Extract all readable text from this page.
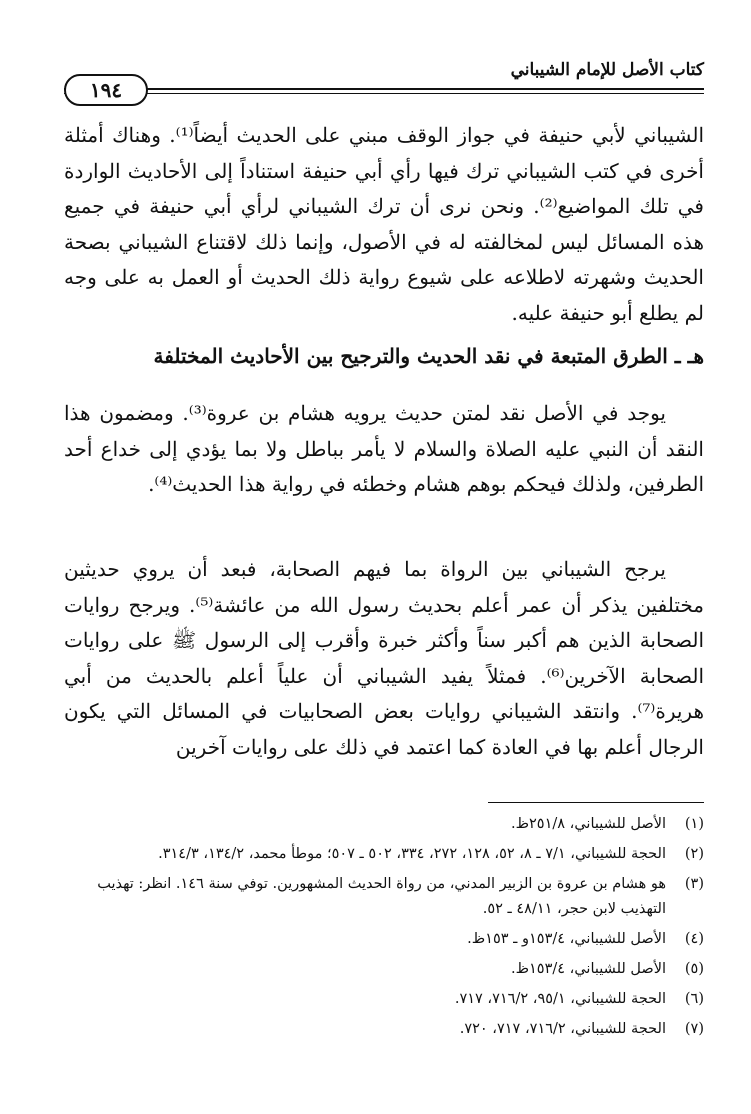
كتاب الأصل للإمام الشيباني
١٩٤

الشيباني لأبي حنيفة في جواز الوقف مبني على الحديث أيضاً⁽¹⁾. وهناك أمثلة أخرى في كتب الشيباني ترك فيها رأي أبي حنيفة استناداً إلى الأحاديث الواردة في تلك المواضيع⁽²⁾. ونحن نرى أن ترك الشيباني لرأي أبي حنيفة في جميع هذه المسائل ليس لمخالفته له في الأصول، وإنما ذلك لاقتناع الشيباني بصحة الحديث وشهرته لاطلاعه على شيوع رواية ذلك الحديث أو العمل به على وجه لم يطلع أبو حنيفة عليه.

هـ ـ الطرق المتبعة في نقد الحديث والترجيح بين الأحاديث المختلفة

يوجد في الأصل نقد لمتن حديث يرويه هشام بن عروة⁽³⁾. ومضمون هذا النقد أن النبي عليه الصلاة والسلام لا يأمر بباطل ولا بما يؤدي إلى خداع أحد الطرفين، ولذلك فيحكم بوهم هشام وخطئه في رواية هذا الحديث⁽⁴⁾.

يرجح الشيباني بين الرواة بما فيهم الصحابة، فبعد أن يروي حديثين مختلفين يذكر أن عمر أعلم بحديث رسول الله من عائشة⁽⁵⁾. ويرجح روايات الصحابة الذين هم أكبر سناً وأكثر خبرة وأقرب إلى الرسول ﷺ على روايات الصحابة الآخرين⁽⁶⁾. فمثلاً يفيد الشيباني أن علياً أعلم بالحديث من أبي هريرة⁽⁷⁾. وانتقد الشيباني روايات بعض الصحابيات في المسائل التي يكون الرجال أعلم بها في العادة كما اعتمد في ذلك على روايات آخرين

(١)
الأصل للشيباني، ٢٥١/٨ظ.
(٢)
الحجة للشيباني، ٧/١ ـ ٨، ٥٢، ١٢٨، ٢٧٢، ٣٣٤، ٥٠٢ ـ ٥٠٧؛ موطأ محمد، ١٣٤/٢، ٣١٤/٣.
(٣)
هو هشام بن عروة بن الزبير المدني، من رواة الحديث المشهورين. توفي سنة ١٤٦. انظر: تهذيب التهذيب لابن حجر، ٤٨/١١ ـ ٥٢.
(٤)
الأصل للشيباني، ١٥٣/٤و ـ ١٥٣ظ.
(٥)
الأصل للشيباني، ١٥٣/٤ظ.
(٦)
الحجة للشيباني، ٩٥/١، ٧١٦/٢، ٧١٧.
(٧)
الحجة للشيباني، ٧١٦/٢، ٧١٧، ٧٢٠.
